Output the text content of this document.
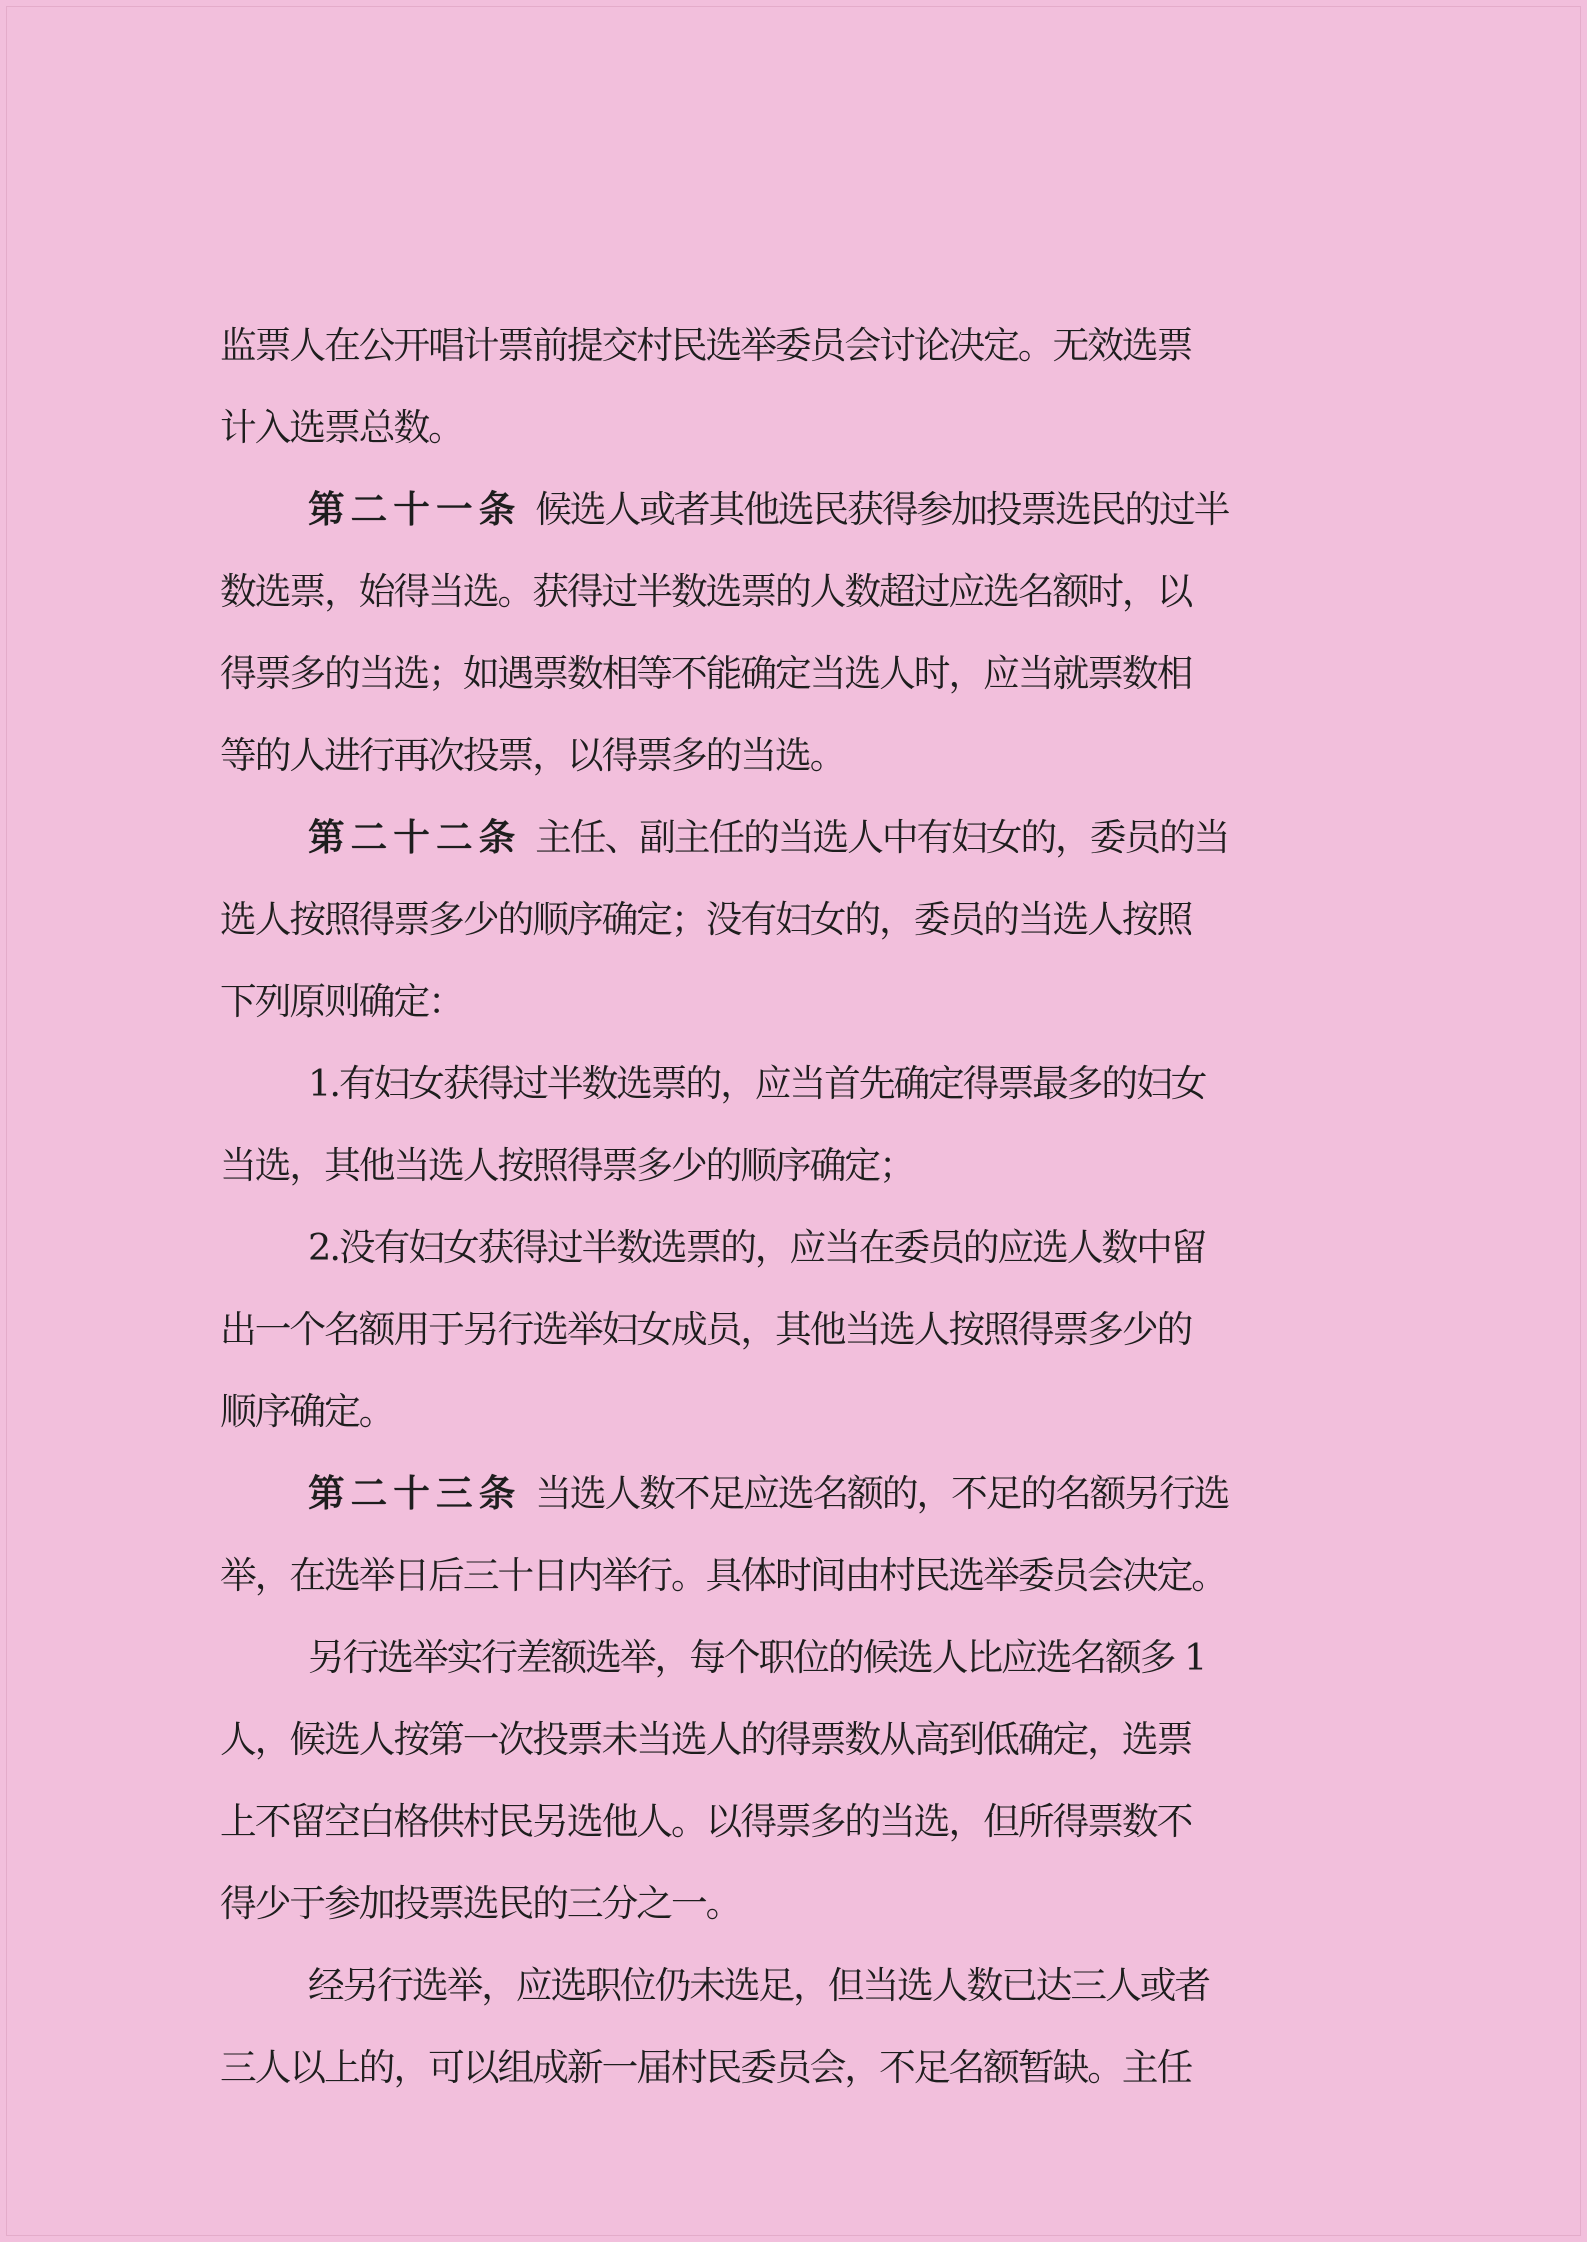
监票人在公开唱计票前提交村民选举委员会讨论决定。无效选票
计入选票总数。
第二十一条 候选人或者其他选民获得参加投票选民的过半
数选票，始得当选。获得过半数选票的人数超过应选名额时，以
得票多的当选；如遇票数相等不能确定当选人时，应当就票数相
等的人进行再次投票，以得票多的当选。
第二十二条 主任、副主任的当选人中有妇女的，委员的当
选人按照得票多少的顺序确定；没有妇女的，委员的当选人按照
下列原则确定：
1.有妇女获得过半数选票的，应当首先确定得票最多的妇女
当选，其他当选人按照得票多少的顺序确定；
2.没有妇女获得过半数选票的，应当在委员的应选人数中留
出一个名额用于另行选举妇女成员，其他当选人按照得票多少的
顺序确定。
第二十三条 当选人数不足应选名额的，不足的名额另行选
举，在选举日后三十日内举行。具体时间由村民选举委员会决定。
另行选举实行差额选举，每个职位的候选人比应选名额多 1
人，候选人按第一次投票未当选人的得票数从高到低确定，选票
上不留空白格供村民另选他人。以得票多的当选，但所得票数不
得少于参加投票选民的三分之一。
经另行选举，应选职位仍未选足，但当选人数已达三人或者
三人以上的，可以组成新一届村民委员会，不足名额暂缺。主任
